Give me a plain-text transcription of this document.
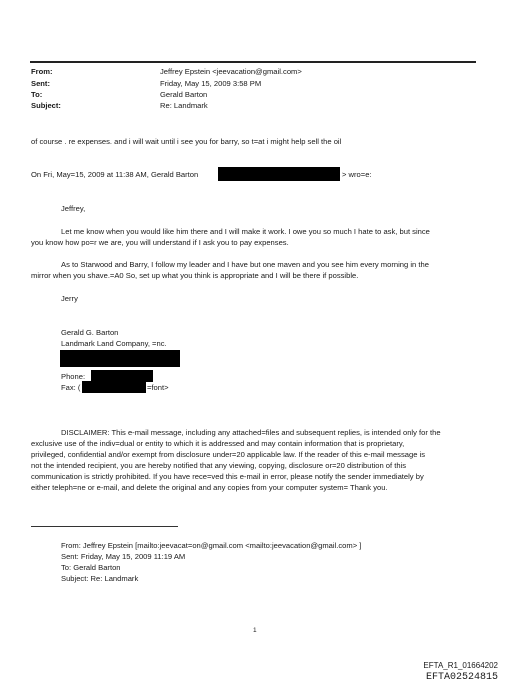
From:	Jeffrey Epstein <jeevacation@gmail.com>
Sent:	Friday, May 15, 2009 3:58 PM
To:	Gerald Barton
Subject:	Re: Landmark
of course . re expenses. and i will wait until i see you for barry, so t=at i might help sell the oil
On Fri, May=15, 2009 at 11:38 AM, Gerald Barton	> wro=e:
Jeffrey,
Let me know when you would like him there and I will make it work. I owe you so much I hate to ask, but since
you know how po=r we are, you will understand if I ask you to pay expenses.
As to Starwood and Barry, I follow my leader and I have but one maven and you see him every morning in the
mirror when you shave.=A0 So, set up what you think is appropriate and I will be there if possible.
Jerry
Gerald G. Barton
Landmark Land Company, =nc.
Phone:
Fax: (	=font>
DISCLAIMER: This e-mail message, including any attached=files and subsequent replies, is intended only for the
exclusive use of the indiv=dual or entity to which it is addressed and may contain information that is proprietary,
privileged, confidential and/or exempt from disclosure under=20 applicable law. If the reader of this e-mail message is
not the intended recipient, you are hereby notified that any viewing, copying, disclosure or=20 distribution of this
communication is strictly prohibited. If you have rece=ved this e-mail in error, please notify the sender immediately by
either teleph=ne or e-mail, and delete the original and any copies from your computer system= Thank you.
From: Jeffrey Epstein [mailto:jeevacat=on@gmail.com <mailto:jeevacation@gmail.com> ]
Sent: Friday, May 15, 2009 11:19 AM
To: Gerald Barton
Subject: Re: Landmark
1
EFTA_R1_01664202
EFTA02524815
